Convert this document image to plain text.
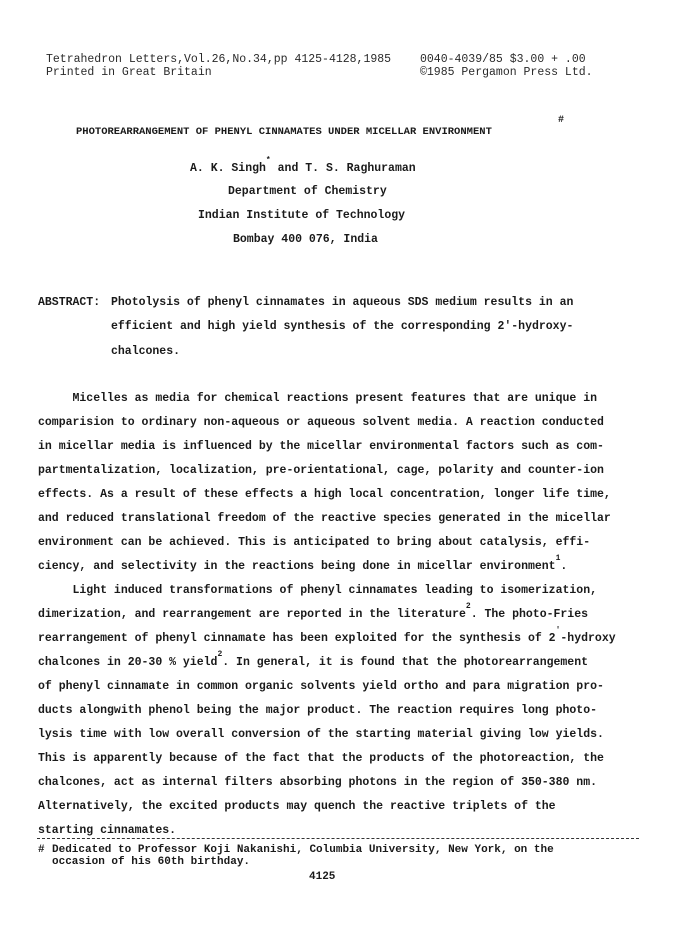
Tetrahedron Letters,Vol.26,No.34,pp 4125-4128,1985	0040-4039/85 $3.00 + .00
Printed in Great Britain	©1985 Pergamon Press Ltd.
PHOTOREARRANGEMENT OF PHENYL CINNAMATES UNDER MICELLAR ENVIRONMENT
#
A. K. Singh* and T. S. Raghuraman
Department of Chemistry
Indian Institute of Technology
Bombay 400 076, India
ABSTRACT: Photolysis of phenyl cinnamates in aqueous SDS medium results in an
efficient and high yield synthesis of the corresponding 2'-hydroxy-
chalcones.
Micelles as media for chemical reactions present features that are unique in
comparision to ordinary non-aqueous or aqueous solvent media. A reaction conducted
in micellar media is influenced by the micellar environmental factors such as com-
partmentalization, localization, pre-orientational, cage, polarity and counter-ion
effects. As a result of these effects a high local concentration, longer life time,
and reduced translational freedom of the reactive species generated in the micellar
environment can be achieved. This is anticipated to bring about catalysis, effi-
ciency, and selectivity in the reactions being done in micellar environment$^1$.
Light induced transformations of phenyl cinnamates leading to isomerization,
dimerization, and rearrangement are reported in the literature$^2$. The photo-Fries
rearrangement of phenyl cinnamate has been exploited for the synthesis of 2'-hydroxy
chalcones in 20-30 % yield$^2$. In general, it is found that the photorearrangement
of phenyl cinnamate in common organic solvents yield ortho and para migration pro-
ducts alongwith phenol being the major product. The reaction requires long photo-
lysis time with low overall conversion of the starting material giving low yields.
This is apparently because of the fact that the products of the photoreaction, the
chalcones, act as internal filters absorbing photons in the region of 350-380 nm.
Alternatively, the excited products may quench the reactive triplets of the
starting cinnamates.
# Dedicated to Professor Koji Nakanishi, Columbia University, New York, on the
occasion of his 60th birthday.
4125
